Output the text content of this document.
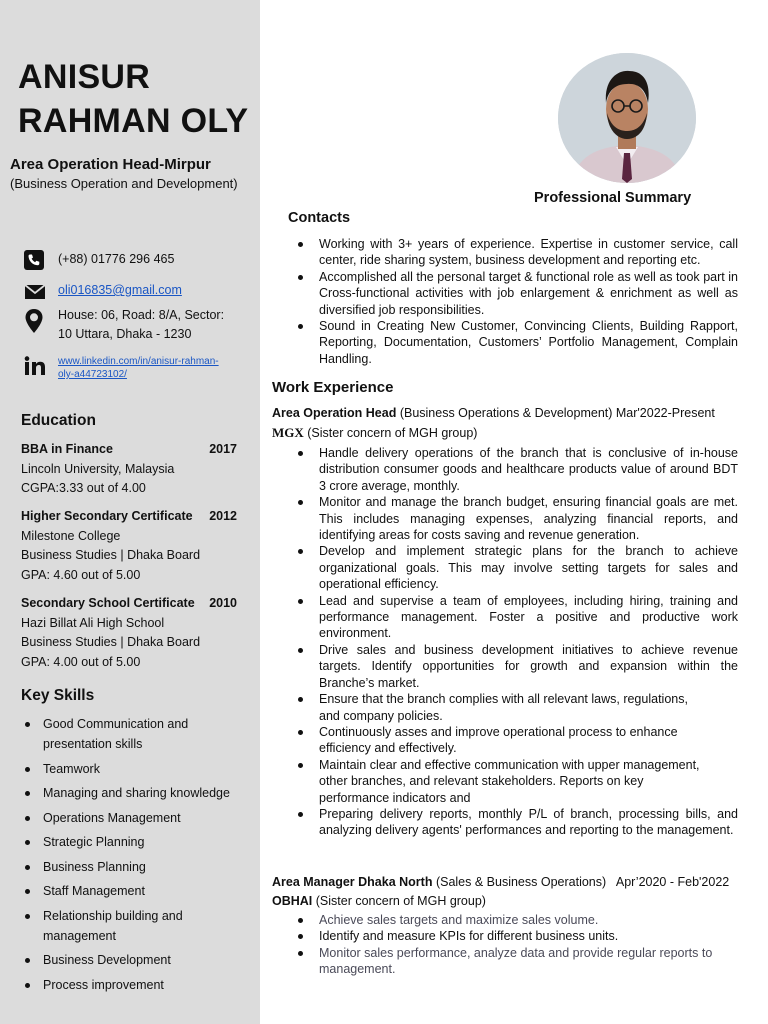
ANISUR
RAHMAN OLY
Area Operation Head-Mirpur
(Business Operation and Development)
(+88) 01776 296 465
oli016835@gmail.com
House: 06, Road: 8/A, Sector:
10 Uttara, Dhaka - 1230
www.linkedin.com/in/anisur-rahman-
oly-a44723102/
Education
BBA in Finance	2017
Lincoln University, Malaysia
CGPA:3.33 out of 4.00
Higher Secondary Certificate 2012
Milestone College
Business Studies | Dhaka Board
GPA: 4.60 out of 5.00
Secondary School Certificate 2010
Hazi Billat Ali High School
Business Studies | Dhaka Board
GPA: 4.00 out of 5.00
Key Skills
Good Communication and presentation skills
Teamwork
Managing and sharing knowledge
Operations Management
Strategic Planning
Business Planning
Staff Management
Relationship building and management
Business Development
Process improvement
Professional Summary
Contacts
Working with 3+ years of experience. Expertise in customer service, call center, ride sharing system, business development and reporting etc.
Accomplished all the personal target & functional role as well as took part in Cross-functional activities with job enlargement & enrichment as well as diversified job responsibilities.
Sound in Creating New Customer, Convincing Clients, Building Rapport, Reporting, Documentation, Customers’ Portfolio Management, Complain Handling.
Work Experience
Area Operation Head (Business Operations & Development) Mar'2022-Present
MGX (Sister concern of MGH group)
Handle delivery operations of the branch that is conclusive of in-house distribution consumer goods and healthcare products value of around BDT 3 crore average, monthly.
Monitor and manage the branch budget, ensuring financial goals are met. This includes managing expenses, analyzing financial reports, and identifying areas for costs saving and revenue generation.
Develop and implement strategic plans for the branch to achieve organizational goals. This may involve setting targets for sales and operational efficiency.
Lead and supervise a team of employees, including hiring, training and performance management. Foster a positive and productive work environment.
Drive sales and business development initiatives to achieve revenue targets. Identify opportunities for growth and expansion within the Branche’s market.
Ensure that the branch complies with all relevant laws, regulations, and company policies.
Continuously asses and improve operational process to enhance efficiency and effectively.
Maintain clear and effective communication with upper management, other branches, and relevant stakeholders. Reports on key performance indicators and
Preparing delivery reports, monthly P/L of branch, processing bills, and analyzing delivery agents' performances and reporting to the management.
Area Manager Dhaka North (Sales & Business Operations)   Apr’2020 - Feb'2022
OBHAI (Sister concern of MGH group)
Achieve sales targets and maximize sales volume.
Identify and measure KPIs for different business units.
Monitor sales performance, analyze data and provide regular reports to management.
